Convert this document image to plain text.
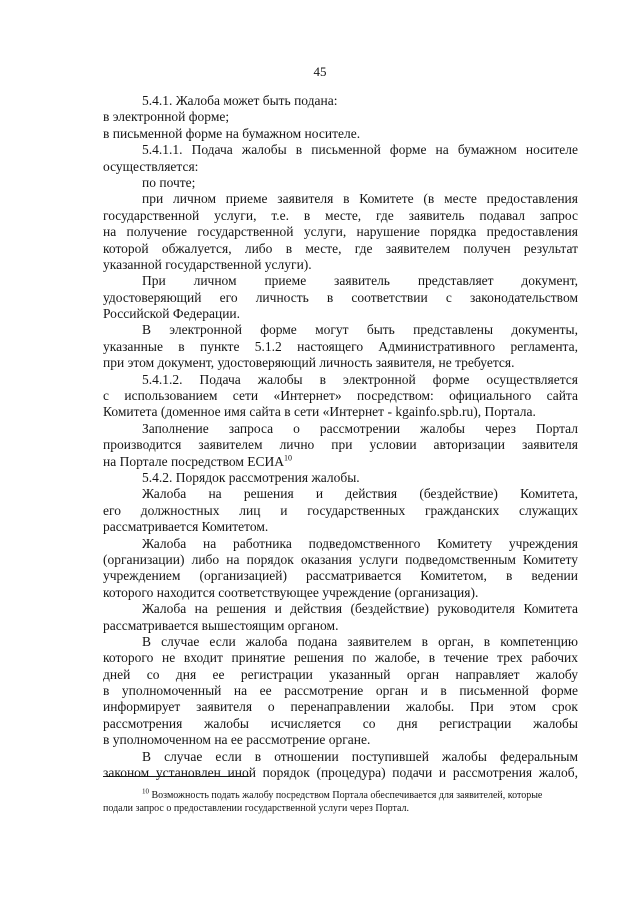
45
5.4.1. Жалоба может быть подана:
в электронной форме;
в письменной форме на бумажном носителе.
5.4.1.1. Подача жалобы в письменной форме на бумажном носителе
осуществляется:
по почте;
при личном приеме заявителя в Комитете (в месте предоставления
государственной услуги, т.е. в месте, где заявитель подавал запрос
на получение государственной услуги, нарушение порядка предоставления
которой обжалуется, либо в месте, где заявителем получен результат
указанной государственной услуги).
При личном приеме заявитель представляет документ,
удостоверяющий его личность в соответствии с законодательством
Российской Федерации.
В электронной форме могут быть представлены документы,
указанные в пункте 5.1.2 настоящего Административного регламента,
при этом документ, удостоверяющий личность заявителя, не требуется.
5.4.1.2. Подача жалобы в электронной форме осуществляется
с использованием сети «Интернет» посредством: официального сайта
Комитета (доменное имя сайта в сети «Интернет - kgainfo.spb.ru), Портала.
Заполнение запроса о рассмотрении жалобы через Портал
производится заявителем лично при условии авторизации заявителя
на Портале посредством ЕСИА$^{10}$
5.4.2. Порядок рассмотрения жалобы.
Жалоба на решения и действия (бездействие) Комитета,
его должностных лиц и государственных гражданских служащих
рассматривается Комитетом.
Жалоба на работника подведомственного Комитету учреждения
(организации) либо на порядок оказания услуги подведомственным Комитету
учреждением (организацией) рассматривается Комитетом, в ведении
которого находится соответствующее учреждение (организация).
Жалоба на решения и действия (бездействие) руководителя Комитета
рассматривается вышестоящим органом.
В случае если жалоба подана заявителем в орган, в компетенцию
которого не входит принятие решения по жалобе, в течение трех рабочих
дней со дня ее регистрации указанный орган направляет жалобу
в уполномоченный на ее рассмотрение орган и в письменной форме
информирует заявителя о перенаправлении жалобы. При этом срок
рассмотрения жалобы исчисляется со дня регистрации жалобы
в уполномоченном на ее рассмотрение органе.
В случае если в отношении поступившей жалобы федеральным
законом установлен иной порядок (процедура) подачи и рассмотрения жалоб,
$^{10}$ Возможность подать жалобу посредством Портала обеспечивается для заявителей, которые
подали запрос о предоставлении государственной услуги через Портал.
